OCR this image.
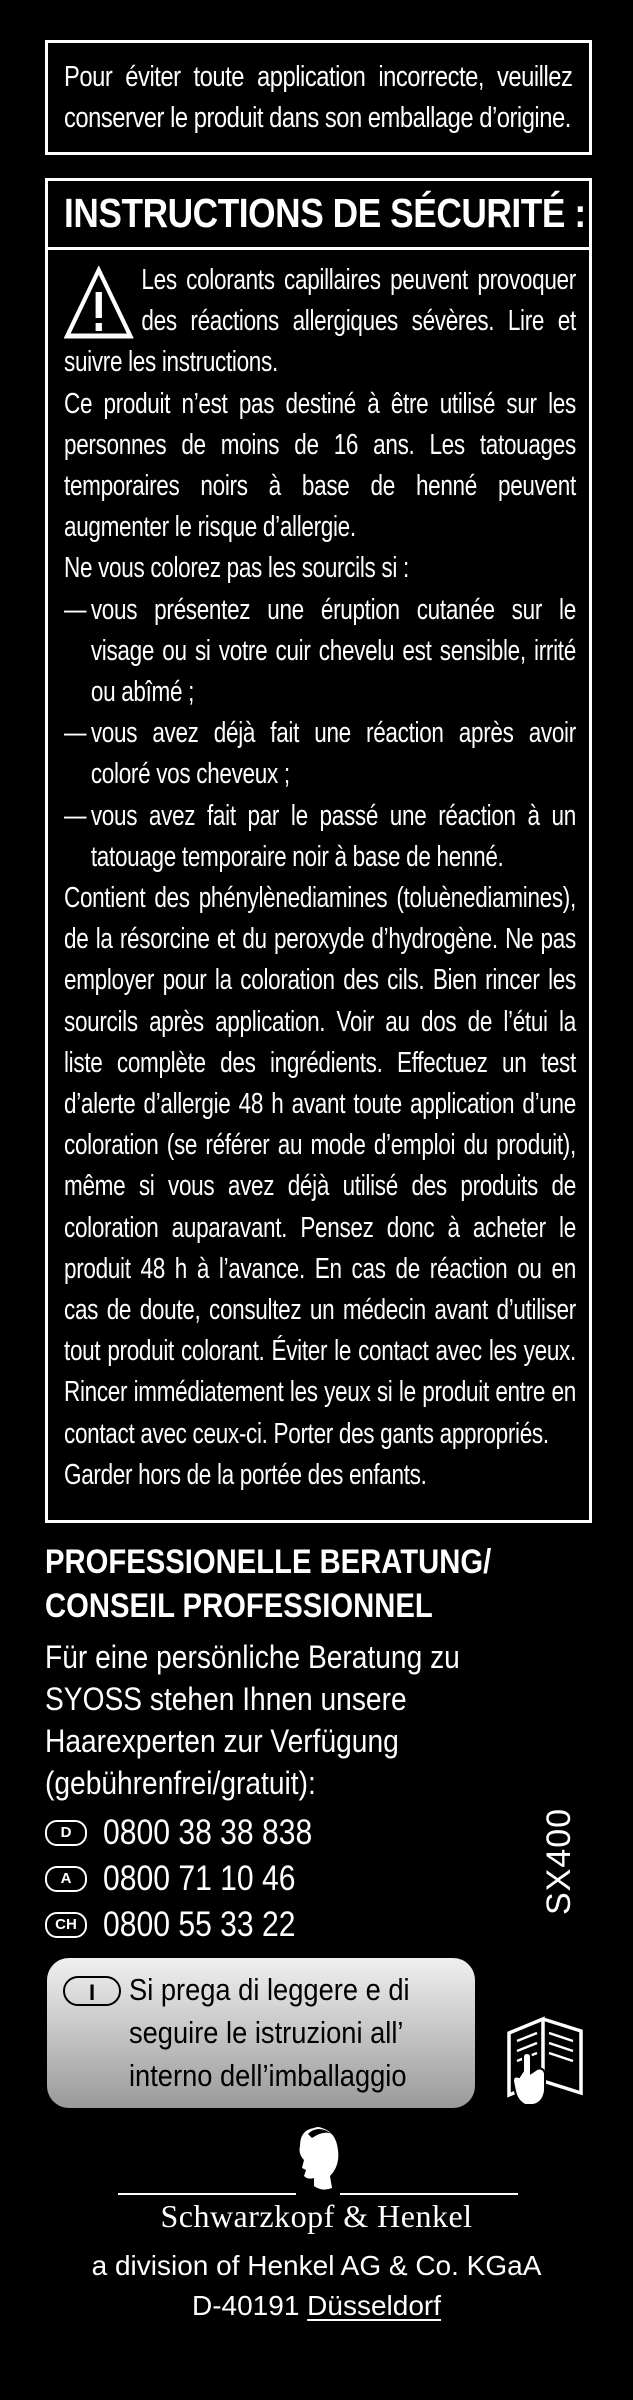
Pour éviter toute application incorrecte, veuillez conserver le produit dans son emballage d’origine.
INSTRUCTIONS DE SÉCURITÉ :

Les colorants capillaires peuvent provoquer des réactions allergiques sévères. Lire et suivre les instructions.

Ce produit n’est pas destiné à être utilisé sur les personnes de moins de 16 ans. Les tatouages temporaires noirs à base de henné peuvent augmenter le risque d’allergie.

Ne vous colorez pas les sourcils si :

— vous présentez une éruption cutanée sur le visage ou si votre cuir chevelu est sensible, irrité ou abîmé ;
— vous avez déjà fait une réaction après avoir coloré vos cheveux ;
— vous avez fait par le passé une réaction à un tatouage temporaire noir à base de henné.

Contient des phénylènediamines (toluènediamines), de la résorcine et du peroxyde d’hydrogène. Ne pas employer pour la coloration des cils. Bien rincer les sourcils après application. Voir au dos de l’étui la liste complète des ingrédients. Effectuez un test d’alerte d’allergie 48 h avant toute application d’une coloration (se référer au mode d’emploi du produit), même si vous avez déjà utilisé des produits de coloration auparavant. Pensez donc à acheter le produit 48 h à l’avance. En cas de réaction ou en cas de doute, consultez un médecin avant d’utiliser tout produit colorant. Éviter le contact avec les yeux. Rincer immédiatement les yeux si le produit entre en contact avec ceux-ci. Porter des gants appropriés.

Garder hors de la portée des enfants.

PROFESSIONELLE BERATUNG/
CONSEIL PROFESSIONNEL
Für eine persönliche Beratung zu
SYOSS stehen Ihnen unsere
Haarexperten zur Verfügung
(gebührenfrei/gratuit):
D 0800 38 38 838
A 0800 71 10 46
CH 0800 55 33 22
SX400
I	Si prega di leggere e di
seguire le istruzioni all’
interno dell’imballaggio
Schwarzkopf & Henkel
a division of Henkel AG & Co. KGaA
D-40191 Düsseldorf
